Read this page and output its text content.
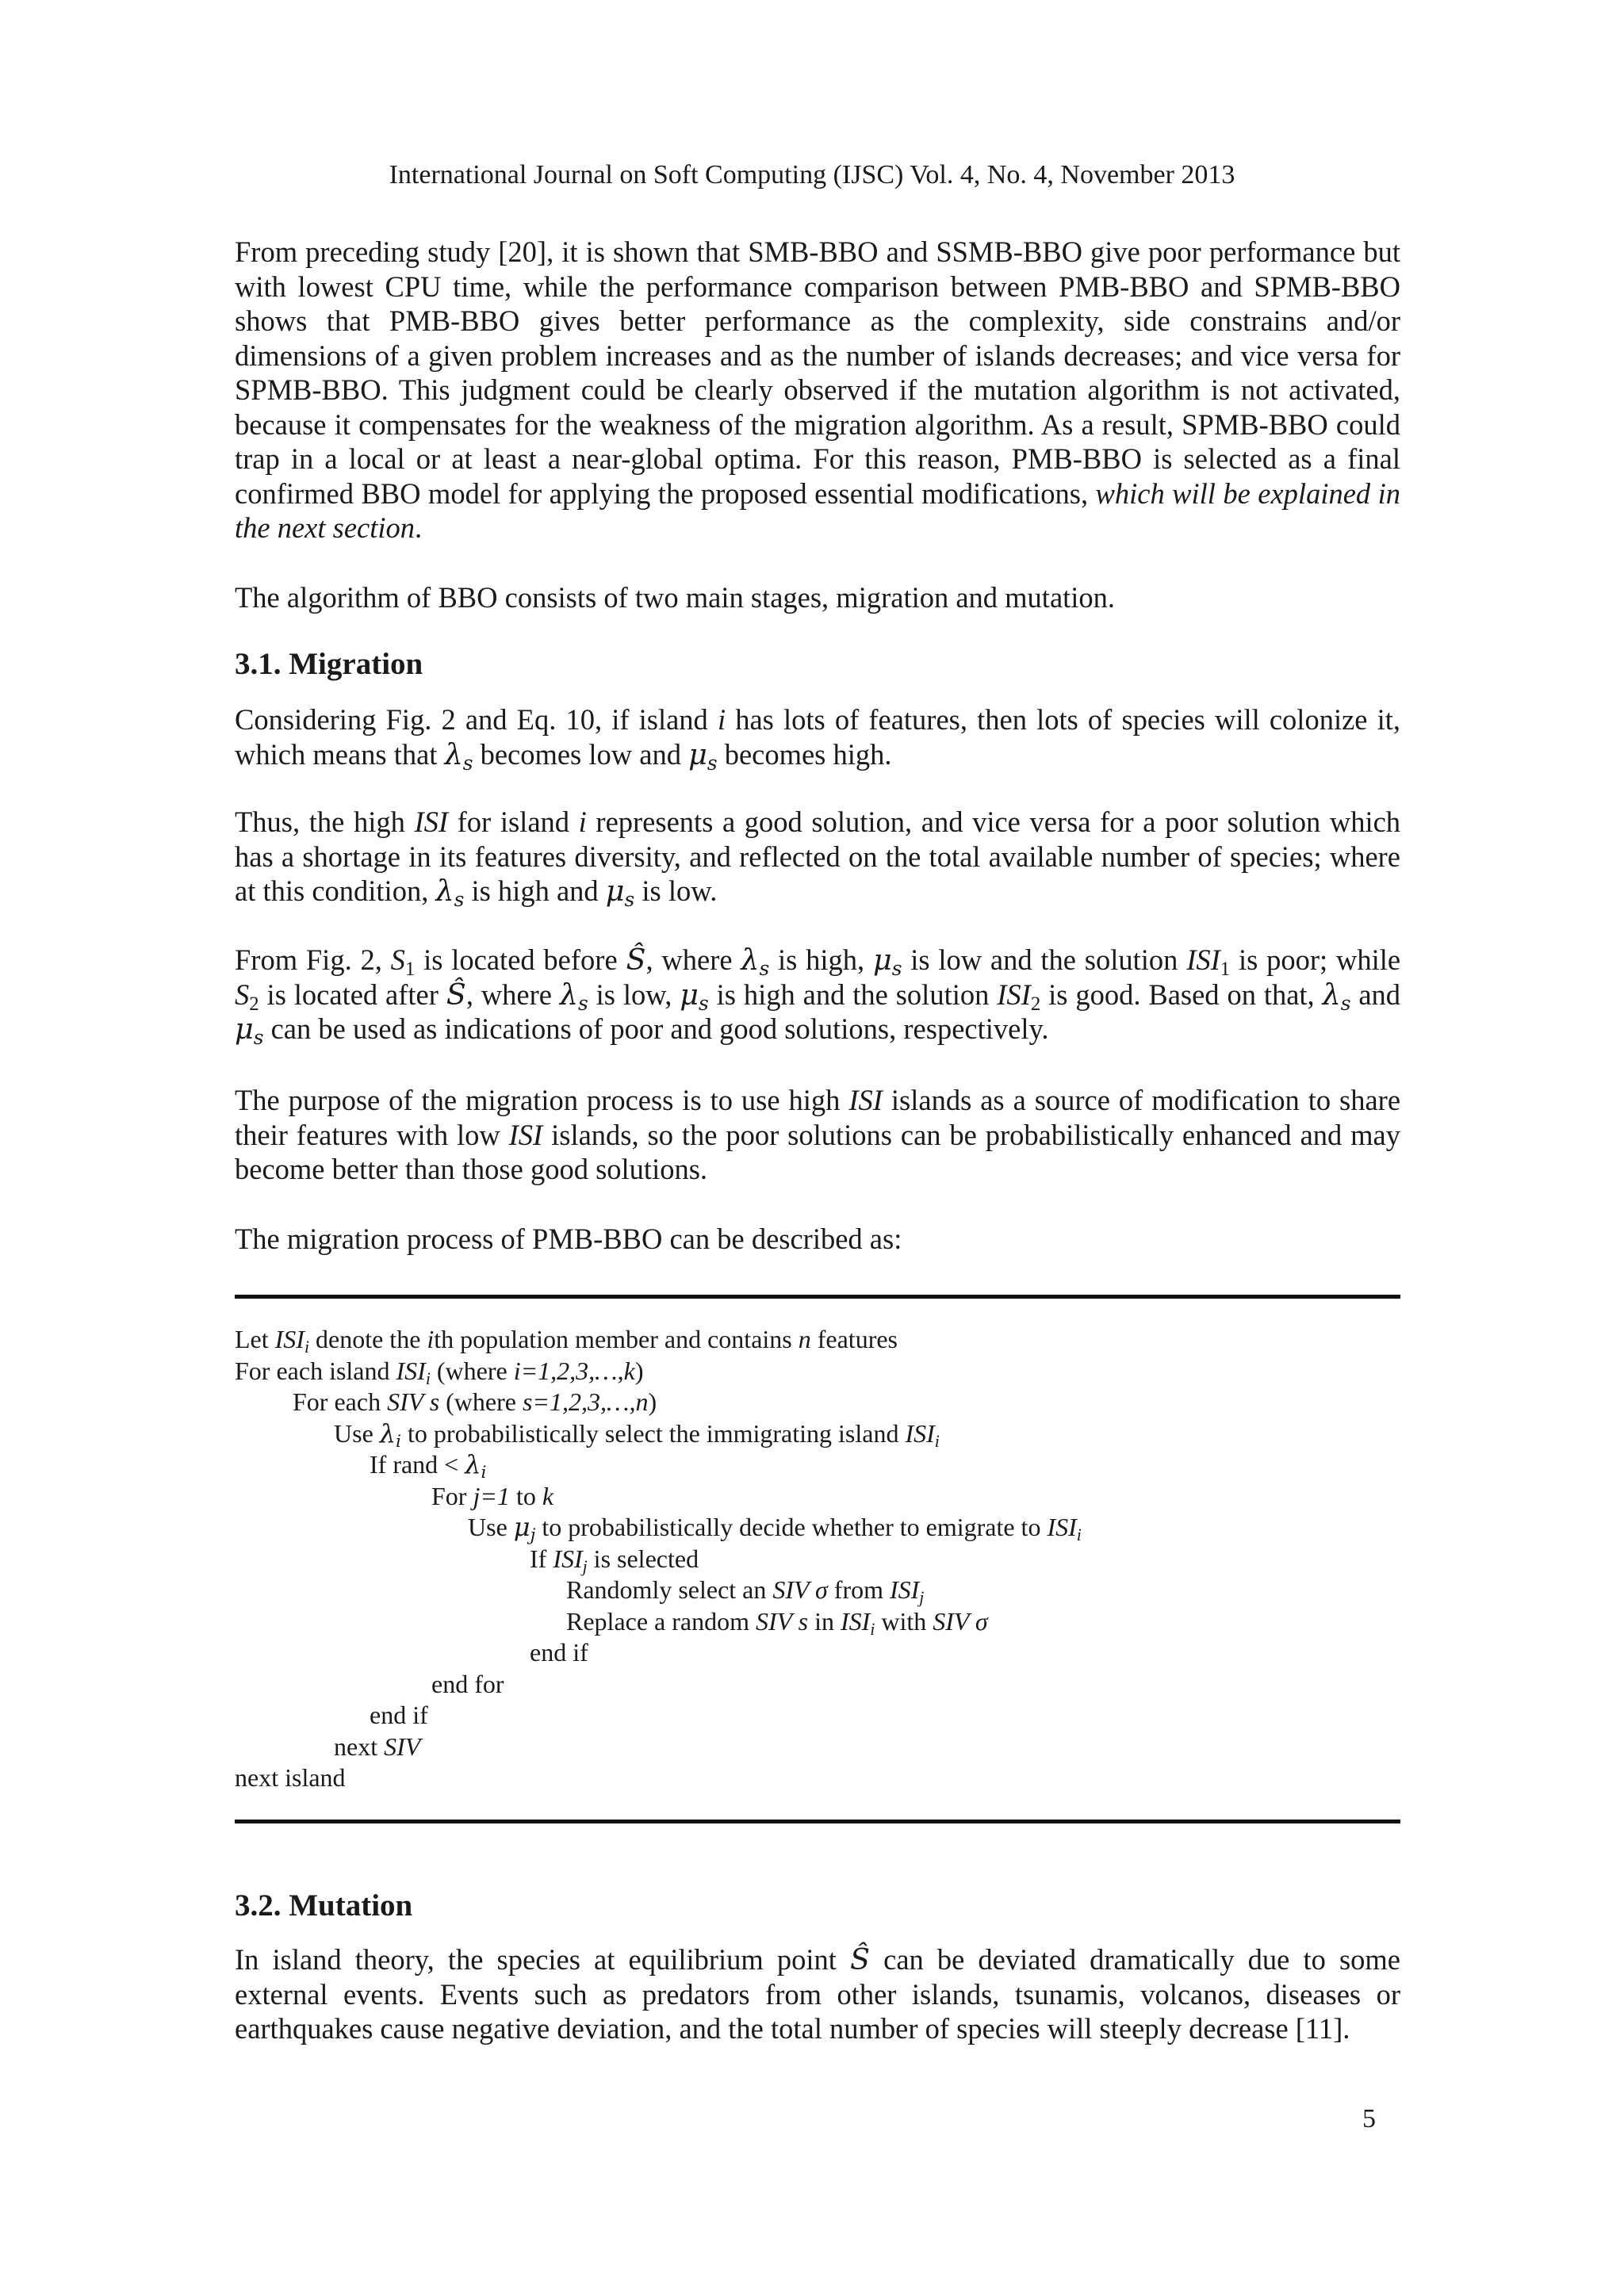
International Journal on Soft Computing (IJSC) Vol. 4, No. 4, November 2013

From preceding study [20], it is shown that SMB-BBO and SSMB-BBO give poor performance but with lowest CPU time, while the performance comparison between PMB-BBO and SPMB-BBO shows that PMB-BBO gives better performance as the complexity, side constrains and/or dimensions of a given problem increases and as the number of islands decreases; and vice versa for SPMB-BBO. This judgment could be clearly observed if the mutation algorithm is not activated, because it compensates for the weakness of the migration algorithm. As a result, SPMB-BBO could trap in a local or at least a near-global optima. For this reason, PMB-BBO is selected as a final confirmed BBO model for applying the proposed essential modifications, which will be explained in the next section.

The algorithm of BBO consists of two main stages, migration and mutation.

3.1. Migration

Considering Fig. 2 and Eq. 10, if island i has lots of features, then lots of species will colonize it, which means that $\lambda_s$ becomes low and $\mu_s$ becomes high.

Thus, the high ISI for island i represents a good solution, and vice versa for a poor solution which has a shortage in its features diversity, and reflected on the total available number of species; where at this condition, $\lambda_s$ is high and $\mu_s$ is low.

From Fig. 2, $S_1$ is located before Ŝ, where $\lambda_s$ is high, $\mu_s$ is low and the solution $ISI_1$ is poor; while $S_2$ is located after Ŝ, where $\lambda_s$ is low, $\mu_s$ is high and the solution $ISI_2$ is good. Based on that, $\lambda_s$ and $\mu_s$ can be used as indications of poor and good solutions, respectively.

The purpose of the migration process is to use high ISI islands as a source of modification to share their features with low ISI islands, so the poor solutions can be probabilistically enhanced and may become better than those good solutions.

The migration process of PMB-BBO can be described as:

Let $ISI_i$ denote the ith population member and contains n features
For each island $ISI_i$ (where i=1,2,3,…,k)
For each SIV s (where s=1,2,3,…,n)
Use $\lambda_i$ to probabilistically select the immigrating island $ISI_i$
If rand < $\lambda_i$
For j=1 to k
Use $\mu_j$ to probabilistically decide whether to emigrate to $ISI_i$
If $ISI_j$ is selected
Randomly select an SIV σ from $ISI_j$
Replace a random SIV s in $ISI_i$ with SIV σ
end if
end for
end if
next SIV
next island
3.2. Mutation

In island theory, the species at equilibrium point Ŝ can be deviated dramatically due to some external events. Events such as predators from other islands, tsunamis, volcanos, diseases or earthquakes cause negative deviation, and the total number of species will steeply decrease [11].

5
